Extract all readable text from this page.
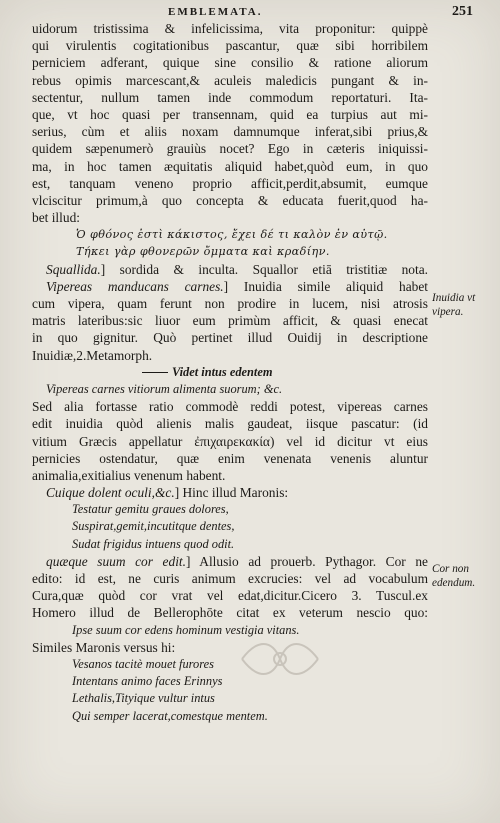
EMBLEMATA.	251
uidorum tristissima & infelicissima, vita proponitur: quippè
qui virulentis cogitationibus pascantur, quæ sibi horribilem
perniciem adferant, quique sine consilio & ratione aliorum
rebus opimis marcescant,& aculeis maledicis pungant & in-
sectentur, nullum tamen inde commodum reportaturi. Ita-
que, vt hoc quasi per transennam, quid ea turpius aut mi-
serius, cùm et aliis noxam damnumque inferat,sibi prius,&
quidem sæpenumerò grauiùs nocet? Ego in cæteris iniquissi-
ma, in hoc tamen æquitatis aliquid habet,quòd eum, in quo
est, tanquam veneno proprio afficit,perdit,absumit, eumque
vlciscitur primum,à quo concepta & educata fuerit,quod ha-
bet illud:
Ὁ φθόνος ἐστὶ κάκιστος, ἔχει δέ τι καλὸν ἐν αὐτῷ.
Τήκει γὰρ φθονερῶν ὄμματα καὶ κραδίην.
Squallida.] sordida & inculta. Squallor etiā tristitiæ nota.
Vipereas manducans carnes.] Inuidia simile aliquid habet
cum vipera, quam ferunt non prodire in lucem, nisi atrosis
matris lateribus:sic liuor eum primùm afficit, & quasi enecat
in quo gignitur. Quò pertinet illud Ouidij in descriptione
Inuidiæ,2.Metamorph.
Videt intus edentem
Vipereas carnes vitiorum alimenta suorum; &c.
Sed alia fortasse ratio commodè reddi potest, vipereas carnes
edit inuidia quòd alienis malis gaudeat, iisque pascatur: (id
vitium Græcis appellatur ἐπιχαιρεκακία) vel id dicitur vt eius
pernicies ostendatur, quæ enim venenata venenis aluntur
animalia,exitialius venenum habent.
Cuique dolent oculi,&c.] Hinc illud Maronis:
Testatur gemitu graues dolores,
Suspirat,gemit,incutitque dentes,
Sudat frigidus intuens quod odit.
quæque suum cor edit.] Allusio ad prouerb. Pythagor. Cor ne
edito: id est, ne curis animum excrucies: vel ad vocabulum
Cura,quæ quòd cor vrat vel edat,dicitur.Cicero 3. Tuscul.ex
Homero illud de Bellerophōte citat ex veterum nescio quo:
Ipse suum cor edens hominum vestigia vitans.
Similes Maronis versus hi:
Vesanos tacitè mouet furores
Intentans animo faces Erinnys
Lethalis,Tityique vultur intus
Qui semper lacerat,comestque mentem.
Inuidia vt vipera.
Cor non edendum.
